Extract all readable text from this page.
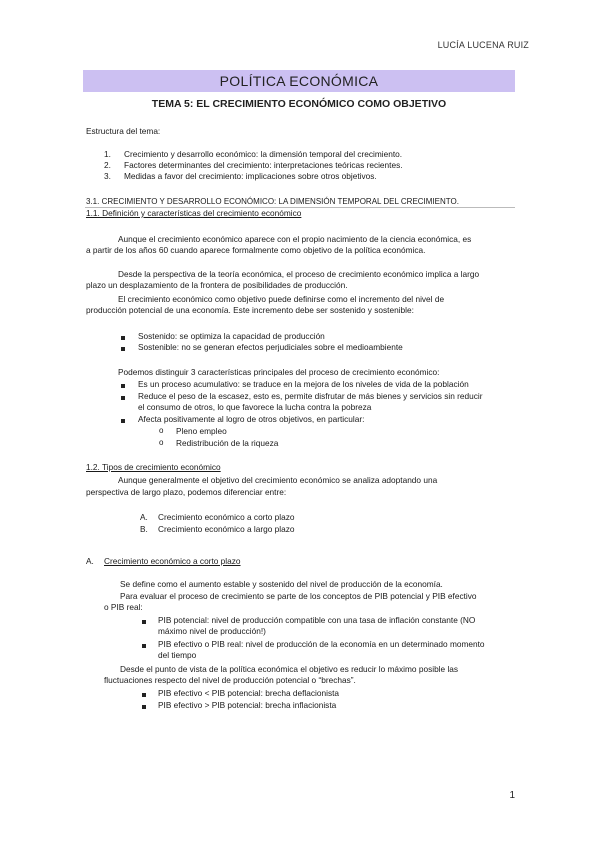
LUCÍA LUCENA RUIZ
POLÍTICA ECONÓMICA
TEMA 5: EL CRECIMIENTO ECONÓMICO COMO OBJETIVO
Estructura del tema:
1. Crecimiento y desarrollo económico: la dimensión temporal del crecimiento.
2. Factores determinantes del crecimiento: interpretaciones teóricas recientes.
3. Medidas a favor del crecimiento: implicaciones sobre otros objetivos.
3.1. CRECIMIENTO Y DESARROLLO ECONÓMICO: LA DIMENSIÓN TEMPORAL DEL CRECIMIENTO.
1.1. Definición y características del crecimiento económico
Aunque el crecimiento económico aparece con el propio nacimiento de la ciencia económica, es
a partir de los años 60 cuando aparece formalmente como objetivo de la política económica.
Desde la perspectiva de la teoría económica, el proceso de crecimiento económico implica a largo
plazo un desplazamiento de la frontera de posibilidades de producción.
El crecimiento económico como objetivo puede definirse como el incremento del nivel de
producción potencial de una economía. Este incremento debe ser sostenido y sostenible:
Sostenido: se optimiza la capacidad de producción
Sostenible: no se generan efectos perjudiciales sobre el medioambiente
Podemos distinguir 3 características principales del proceso de crecimiento económico:
Es un proceso acumulativo: se traduce en la mejora de los niveles de vida de la población
Reduce el peso de la escasez, esto es, permite disfrutar de más bienes y servicios sin reducir
el consumo de otros, lo que favorece la lucha contra la pobreza
Afecta positivamente al logro de otros objetivos, en particular:
o Pleno empleo
o Redistribución de la riqueza
1.2. Tipos de crecimiento económico
Aunque generalmente el objetivo del crecimiento económico se analiza adoptando una
perspectiva de largo plazo, podemos diferenciar entre:
A. Crecimiento económico a corto plazo
B. Crecimiento económico a largo plazo
A. Crecimiento económico a corto plazo
Se define como el aumento estable y sostenido del nivel de producción de la economía.
Para evaluar el proceso de crecimiento se parte de los conceptos de PIB potencial y PIB efectivo
o PIB real:
PIB potencial: nivel de producción compatible con una tasa de inflación constante (NO
máximo nivel de producción!)
PIB efectivo o PIB real: nivel de producción de la economía en un determinado momento
del tiempo
Desde el punto de vista de la política económica el objetivo es reducir lo máximo posible las
fluctuaciones respecto del nivel de producción potencial o “brechas”.
PIB efectivo < PIB potencial: brecha deflacionista
PIB efectivo > PIB potencial: brecha inflacionista
1
